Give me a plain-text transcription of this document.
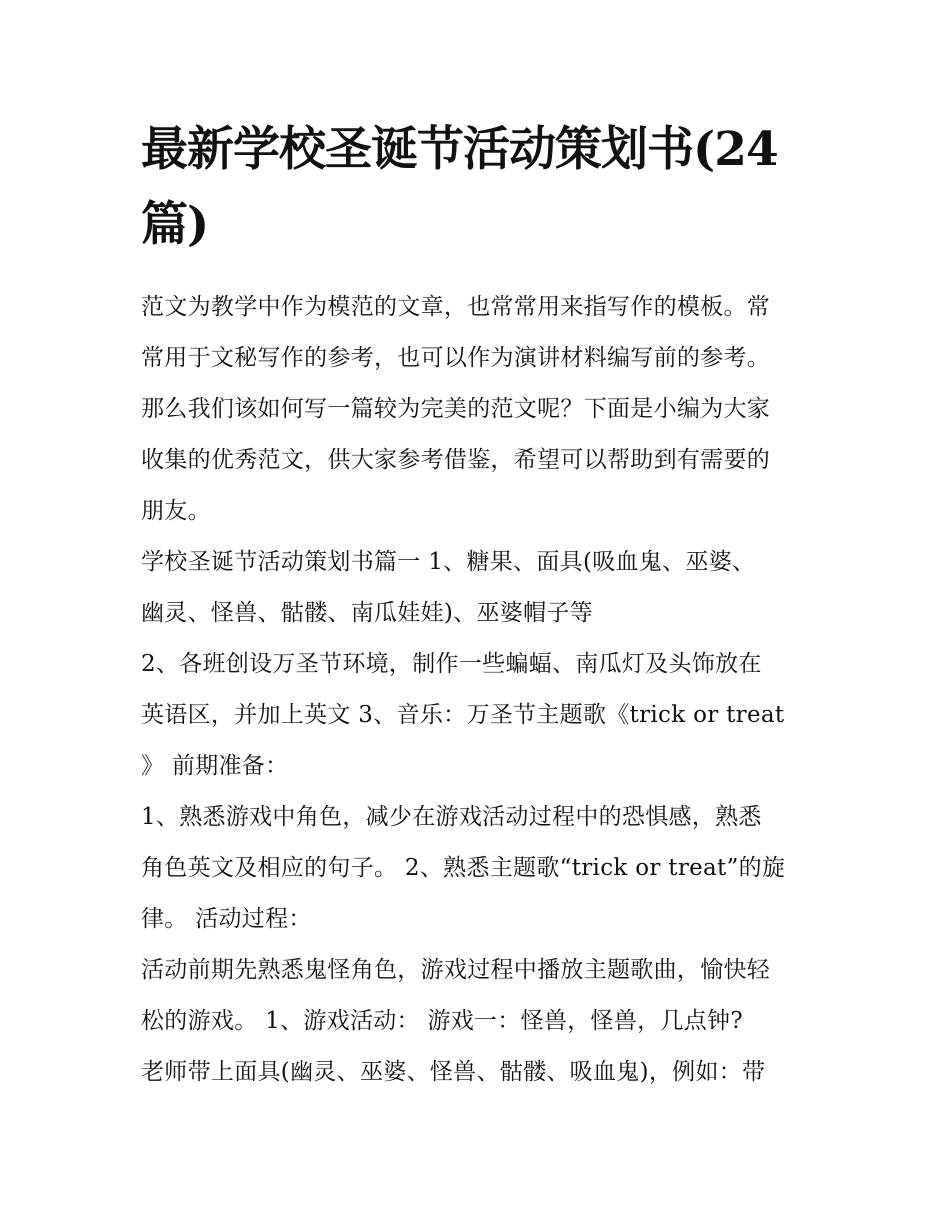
最新学校圣诞节活动策划书(24
篇)
范文为教学中作为模范的文章，也常常用来指写作的模板。常
常用于文秘写作的参考，也可以作为演讲材料编写前的参考。
那么我们该如何写一篇较为完美的范文呢？下面是小编为大家
收集的优秀范文，供大家参考借鉴，希望可以帮助到有需要的
朋友。
学校圣诞节活动策划书篇一 1、糖果、面具(吸血鬼、巫婆、
幽灵、怪兽、骷髅、南瓜娃娃)、巫婆帽子等
2、各班创设万圣节环境，制作一些蝙蝠、南瓜灯及头饰放在
英语区，并加上英文 3、音乐：万圣节主题歌《trick or treat
》 前期准备：
1、熟悉游戏中角色，减少在游戏活动过程中的恐惧感，熟悉
角色英文及相应的句子。 2、熟悉主题歌“trick or treat”的旋
律。 活动过程：
活动前期先熟悉鬼怪角色，游戏过程中播放主题歌曲，愉快轻
松的游戏。 1、游戏活动： 游戏一：怪兽，怪兽，几点钟?
老师带上面具(幽灵、巫婆、怪兽、骷髅、吸血鬼)，例如：带
